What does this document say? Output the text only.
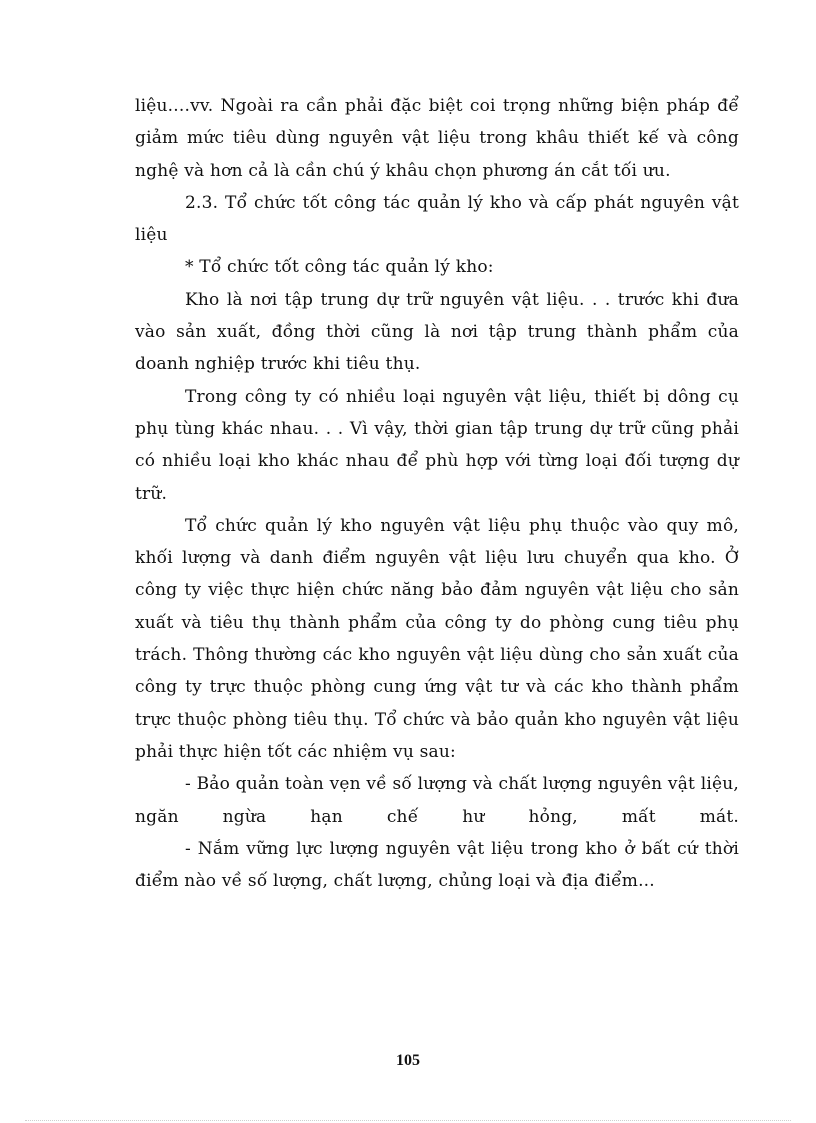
liệu....vv. Ngoài ra cần phải đặc biệt coi trọng những biện pháp để giảm mức tiêu dùng nguyên vật liệu trong khâu thiết kế và công nghệ và hơn cả là cần chú ý khâu chọn phương án cắt tối ưu.

2.3. Tổ chức tốt công tác quản lý kho và cấp phát nguyên vật liệu

* Tổ chức tốt công tác quản lý kho:

Kho là nơi tập trung dự trữ nguyên vật liệu. . . trước khi đưa vào sản xuất, đồng thời cũng là nơi tập trung thành phẩm của doanh nghiệp trước khi tiêu thụ.

Trong công ty có nhiều loại nguyên vật liệu, thiết bị dông cụ phụ tùng khác nhau. . . Vì vậy, thời gian tập trung dự trữ cũng phải có nhiều loại kho khác nhau để phù hợp với từng loại đối tượng dự trữ.

Tổ chức quản lý kho nguyên vật liệu phụ thuộc vào quy mô, khối lượng và danh điểm nguyên vật liệu lưu chuyển qua kho. Ở công ty việc thực hiện chức năng bảo đảm nguyên vật liệu cho sản xuất và tiêu thụ thành phẩm của công ty do phòng cung tiêu phụ trách. Thông thường các kho nguyên vật liệu dùng cho sản xuất của công ty trực thuộc phòng cung ứng vật tư và các kho thành phẩm trực thuộc phòng tiêu thụ. Tổ chức và bảo quản kho nguyên vật liệu phải thực hiện tốt các nhiệm vụ sau:

- Bảo quản toàn vẹn về số lượng và chất lượng nguyên vật liệu, ngăn ngừa hạn chế hư hỏng, mất mát.

- Nắm vững lực lượng nguyên vật liệu trong kho ở bất cứ thời điểm nào về số lượng, chất lượng, chủng loại và địa điểm...

105
